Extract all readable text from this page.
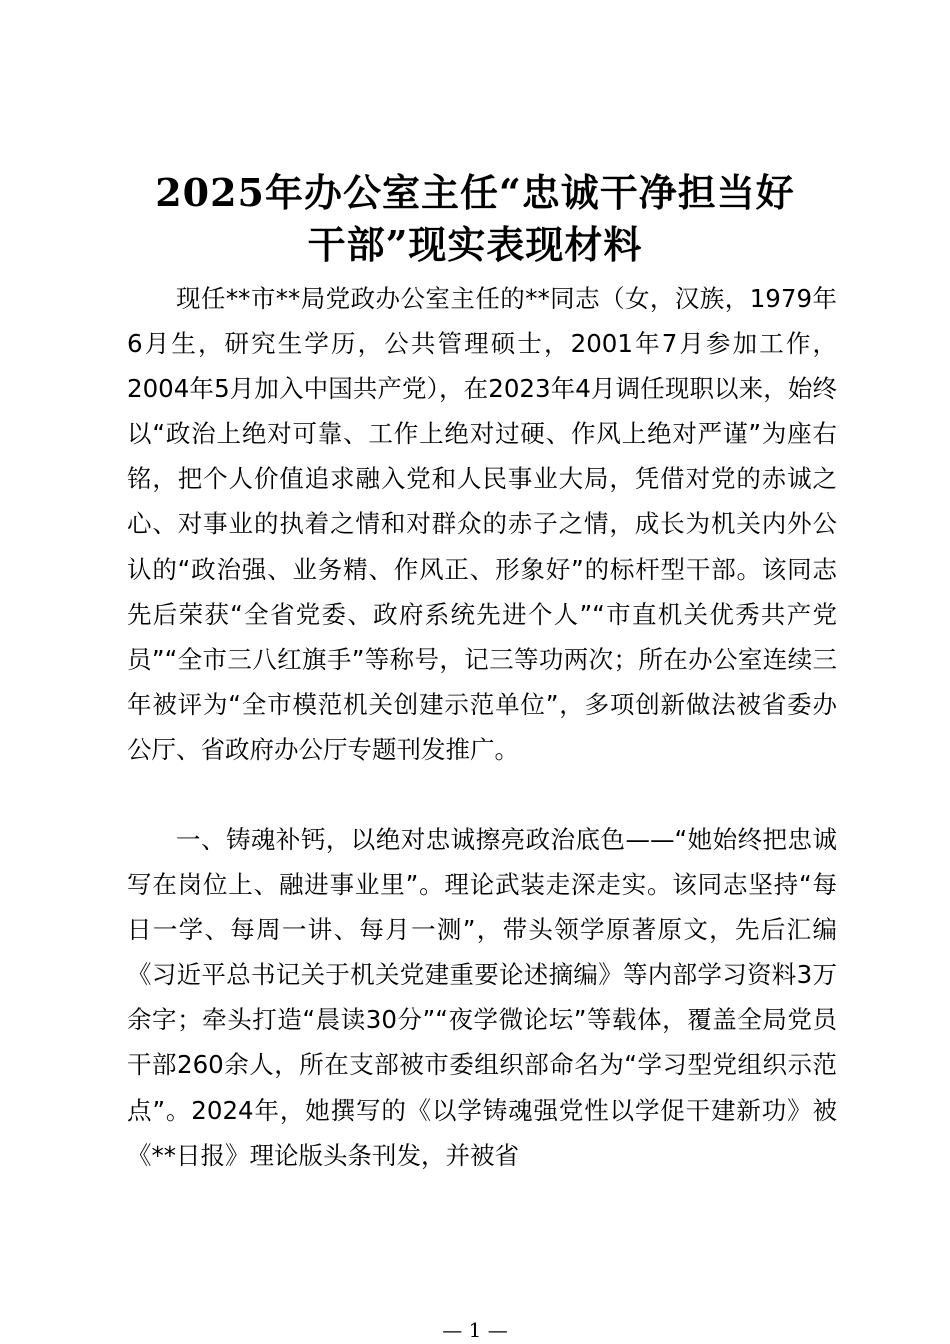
2025年办公室主任“忠诚干净担当好
干部”现实表现材料

现任**市**局党政办公室主任的**同志（女，汉族，1979年6月生，研究生学历，公共管理硕士，2001年7月参加工作，2004年5月加入中国共产党），在2023年4月调任现职以来，始终以“政治上绝对可靠、工作上绝对过硬、作风上绝对严谨”为座右铭，把个人价值追求融入党和人民事业大局，凭借对党的赤诚之心、对事业的执着之情和对群众的赤子之情，成长为机关内外公认的“政治强、业务精、作风正、形象好”的标杆型干部。该同志先后荣获“全省党委、政府系统先进个人”“市直机关优秀共产党员”“全市三八红旗手”等称号，记三等功两次；所在办公室连续三年被评为“全市模范机关创建示范单位”，多项创新做法被省委办公厅、省政府办公厅专题刊发推广。

一、铸魂补钙，以绝对忠诚擦亮政治底色——“她始终把忠诚写在岗位上、融进事业里”。理论武装走深走实。该同志坚持“每日一学、每周一讲、每月一测”，带头领学原著原文，先后汇编《习近平总书记关于机关党建重要论述摘编》等内部学习资料3万余字；牵头打造“晨读30分”“夜学微论坛”等载体，覆盖全局党员干部260余人，所在支部被市委组织部命名为“学习型党组织示范点”。2024年，她撰写的《以学铸魂强党性以学促干建新功》被《**日报》理论版头条刊发，并被省

— 1 —
